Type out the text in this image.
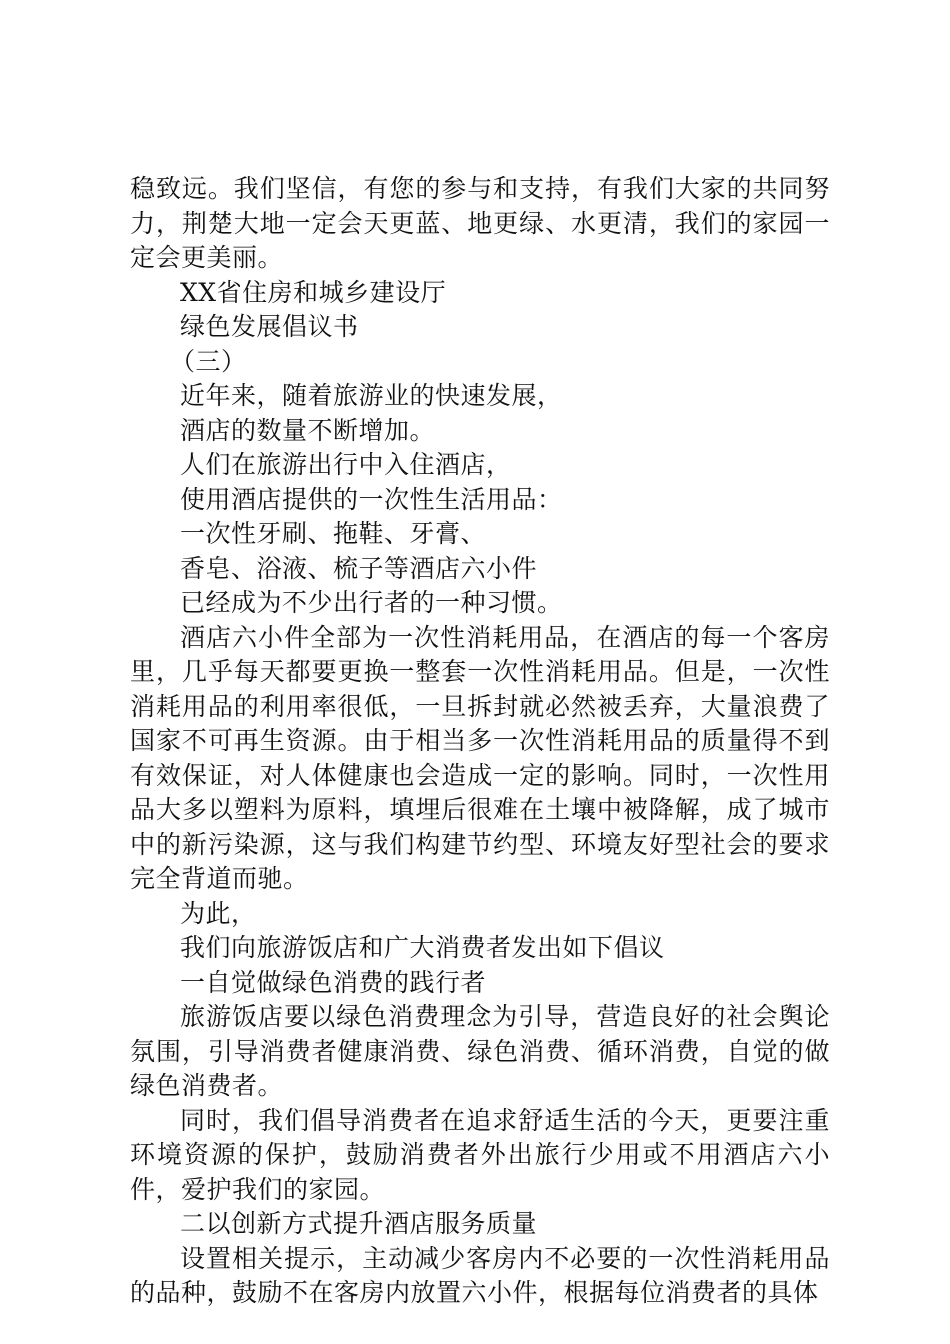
稳致远。我们坚信，有您的参与和支持，有我们大家的共同努力，荆楚大地一定会天更蓝、地更绿、水更清，我们的家园一定会更美丽。

XX省住房和城乡建设厅

绿色发展倡议书

（三）

近年来，随着旅游业的快速发展，

酒店的数量不断增加。

人们在旅游出行中入住酒店，

使用酒店提供的一次性生活用品：

一次性牙刷、拖鞋、牙膏、

香皂、浴液、梳子等酒店六小件

已经成为不少出行者的一种习惯。

酒店六小件全部为一次性消耗用品，在酒店的每一个客房里，几乎每天都要更换一整套一次性消耗用品。但是，一次性消耗用品的利用率很低，一旦拆封就必然被丢弃，大量浪费了国家不可再生资源。由于相当多一次性消耗用品的质量得不到有效保证，对人体健康也会造成一定的影响。同时，一次性用品大多以塑料为原料，填埋后很难在土壤中被降解，成了城市中的新污染源，这与我们构建节约型、环境友好型社会的要求完全背道而驰。

为此，

我们向旅游饭店和广大消费者发出如下倡议

一自觉做绿色消费的践行者

旅游饭店要以绿色消费理念为引导，营造良好的社会舆论氛围，引导消费者健康消费、绿色消费、循环消费，自觉的做绿色消费者。

同时，我们倡导消费者在追求舒适生活的今天，更要注重环境资源的保护，鼓励消费者外出旅行少用或不用酒店六小件，爱护我们的家园。

二以创新方式提升酒店服务质量

设置相关提示，主动减少客房内不必要的一次性消耗用品的品种，鼓励不在客房内放置六小件，根据每位消费者的具体
